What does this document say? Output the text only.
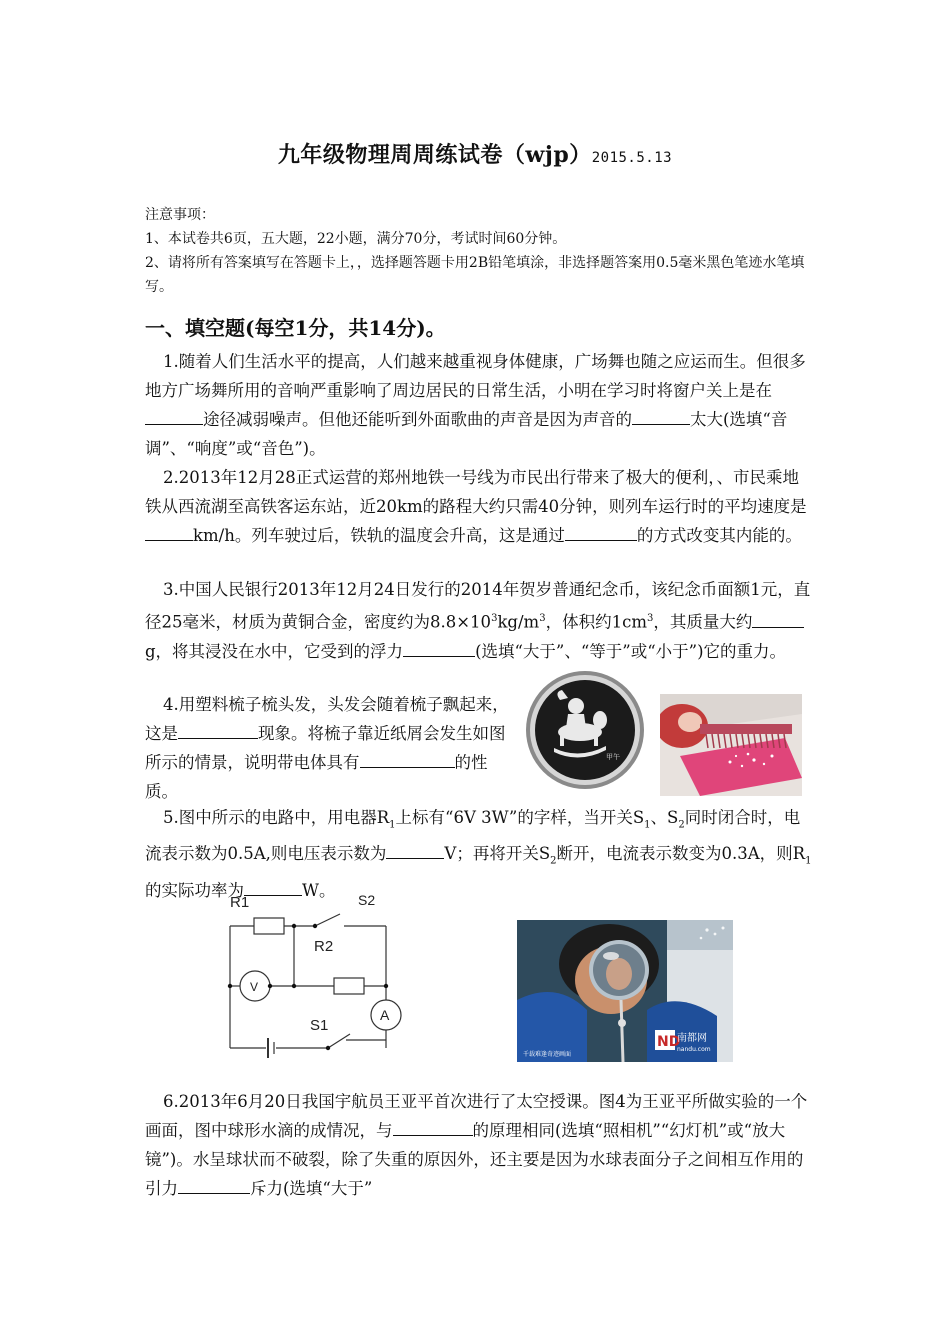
九年级物理周周练试卷（wjp）2015.5.13
注意事项：
1、本试卷共6页，五大题，22小题，满分70分，考试时间60分钟。
2、请将所有答案填写在答题卡上，，选择题答题卡用2B铅笔填涂，非选择题答案用0.5毫米黑色笔迹水笔填写。
一、填空题(每空1分，共14分)。
1.随着人们生活水平的提高，人们越来越重视身体健康，广场舞也随之应运而生。但很多地方广场舞所用的音响严重影响了周边居民的日常生活，小明在学习时将窗户关上是在途径减弱噪声。但他还能听到外面歌曲的声音是因为声音的	太大(选填“音调”、“响度”或“音色”)。
2.2013年12月28正式运营的郑州地铁一号线为市民出行带来了极大的便利，、市民乘地铁从西流湖至高铁客运东站，近20km的路程大约只需40分钟，则列车运行时的平均速度是km/h。列车驶过后，铁轨的温度会升高，这是通过	的方式改变其内能的。
3.中国人民银行2013年12月24日发行的2014年贺岁普通纪念币，该纪念币面额1元，直径25毫米，材质为黄铜合金，密度约为$8.8\times 10^3kg/m^3$，体积约$1cm^3$，其质量大约g，将其浸没在水中，它受到的浮力	(选填“大于”、“等于”或“小于”)它的重力。
4.用塑料梳子梳头发，头发会随着梳子飘起来，这是	现象。将梳子靠近纸屑会发生如图所示的情景，说明带电体具有	的性质。
甲午
5.图中所示的电路中，用电器$R_1$上标有“6V 3W”的字样，当开关$S_1$、$S_2$同时闭合时，电流表示数为0.5A,则电压表示数为	V；再将开关$S_2$断开，电流表示数变为0.3A，则$R_1$的实际功率为	W。
R1	S2
R2
S1
V
A
ND
南都网
nandu.com
千载难逢奇迹画面
6.2013年6月20日我国宇航员王亚平首次进行了太空授课。图4为王亚平所做实验的一个画面，图中球形水滴的成情况，与	的原理相同(选填“照相机”“幻灯机”或“放大镜”)。水呈球状而不破裂，除了失重的原因外，还主要是因为水球表面分子之间相互作用的引力	斥力(选填“大于”
